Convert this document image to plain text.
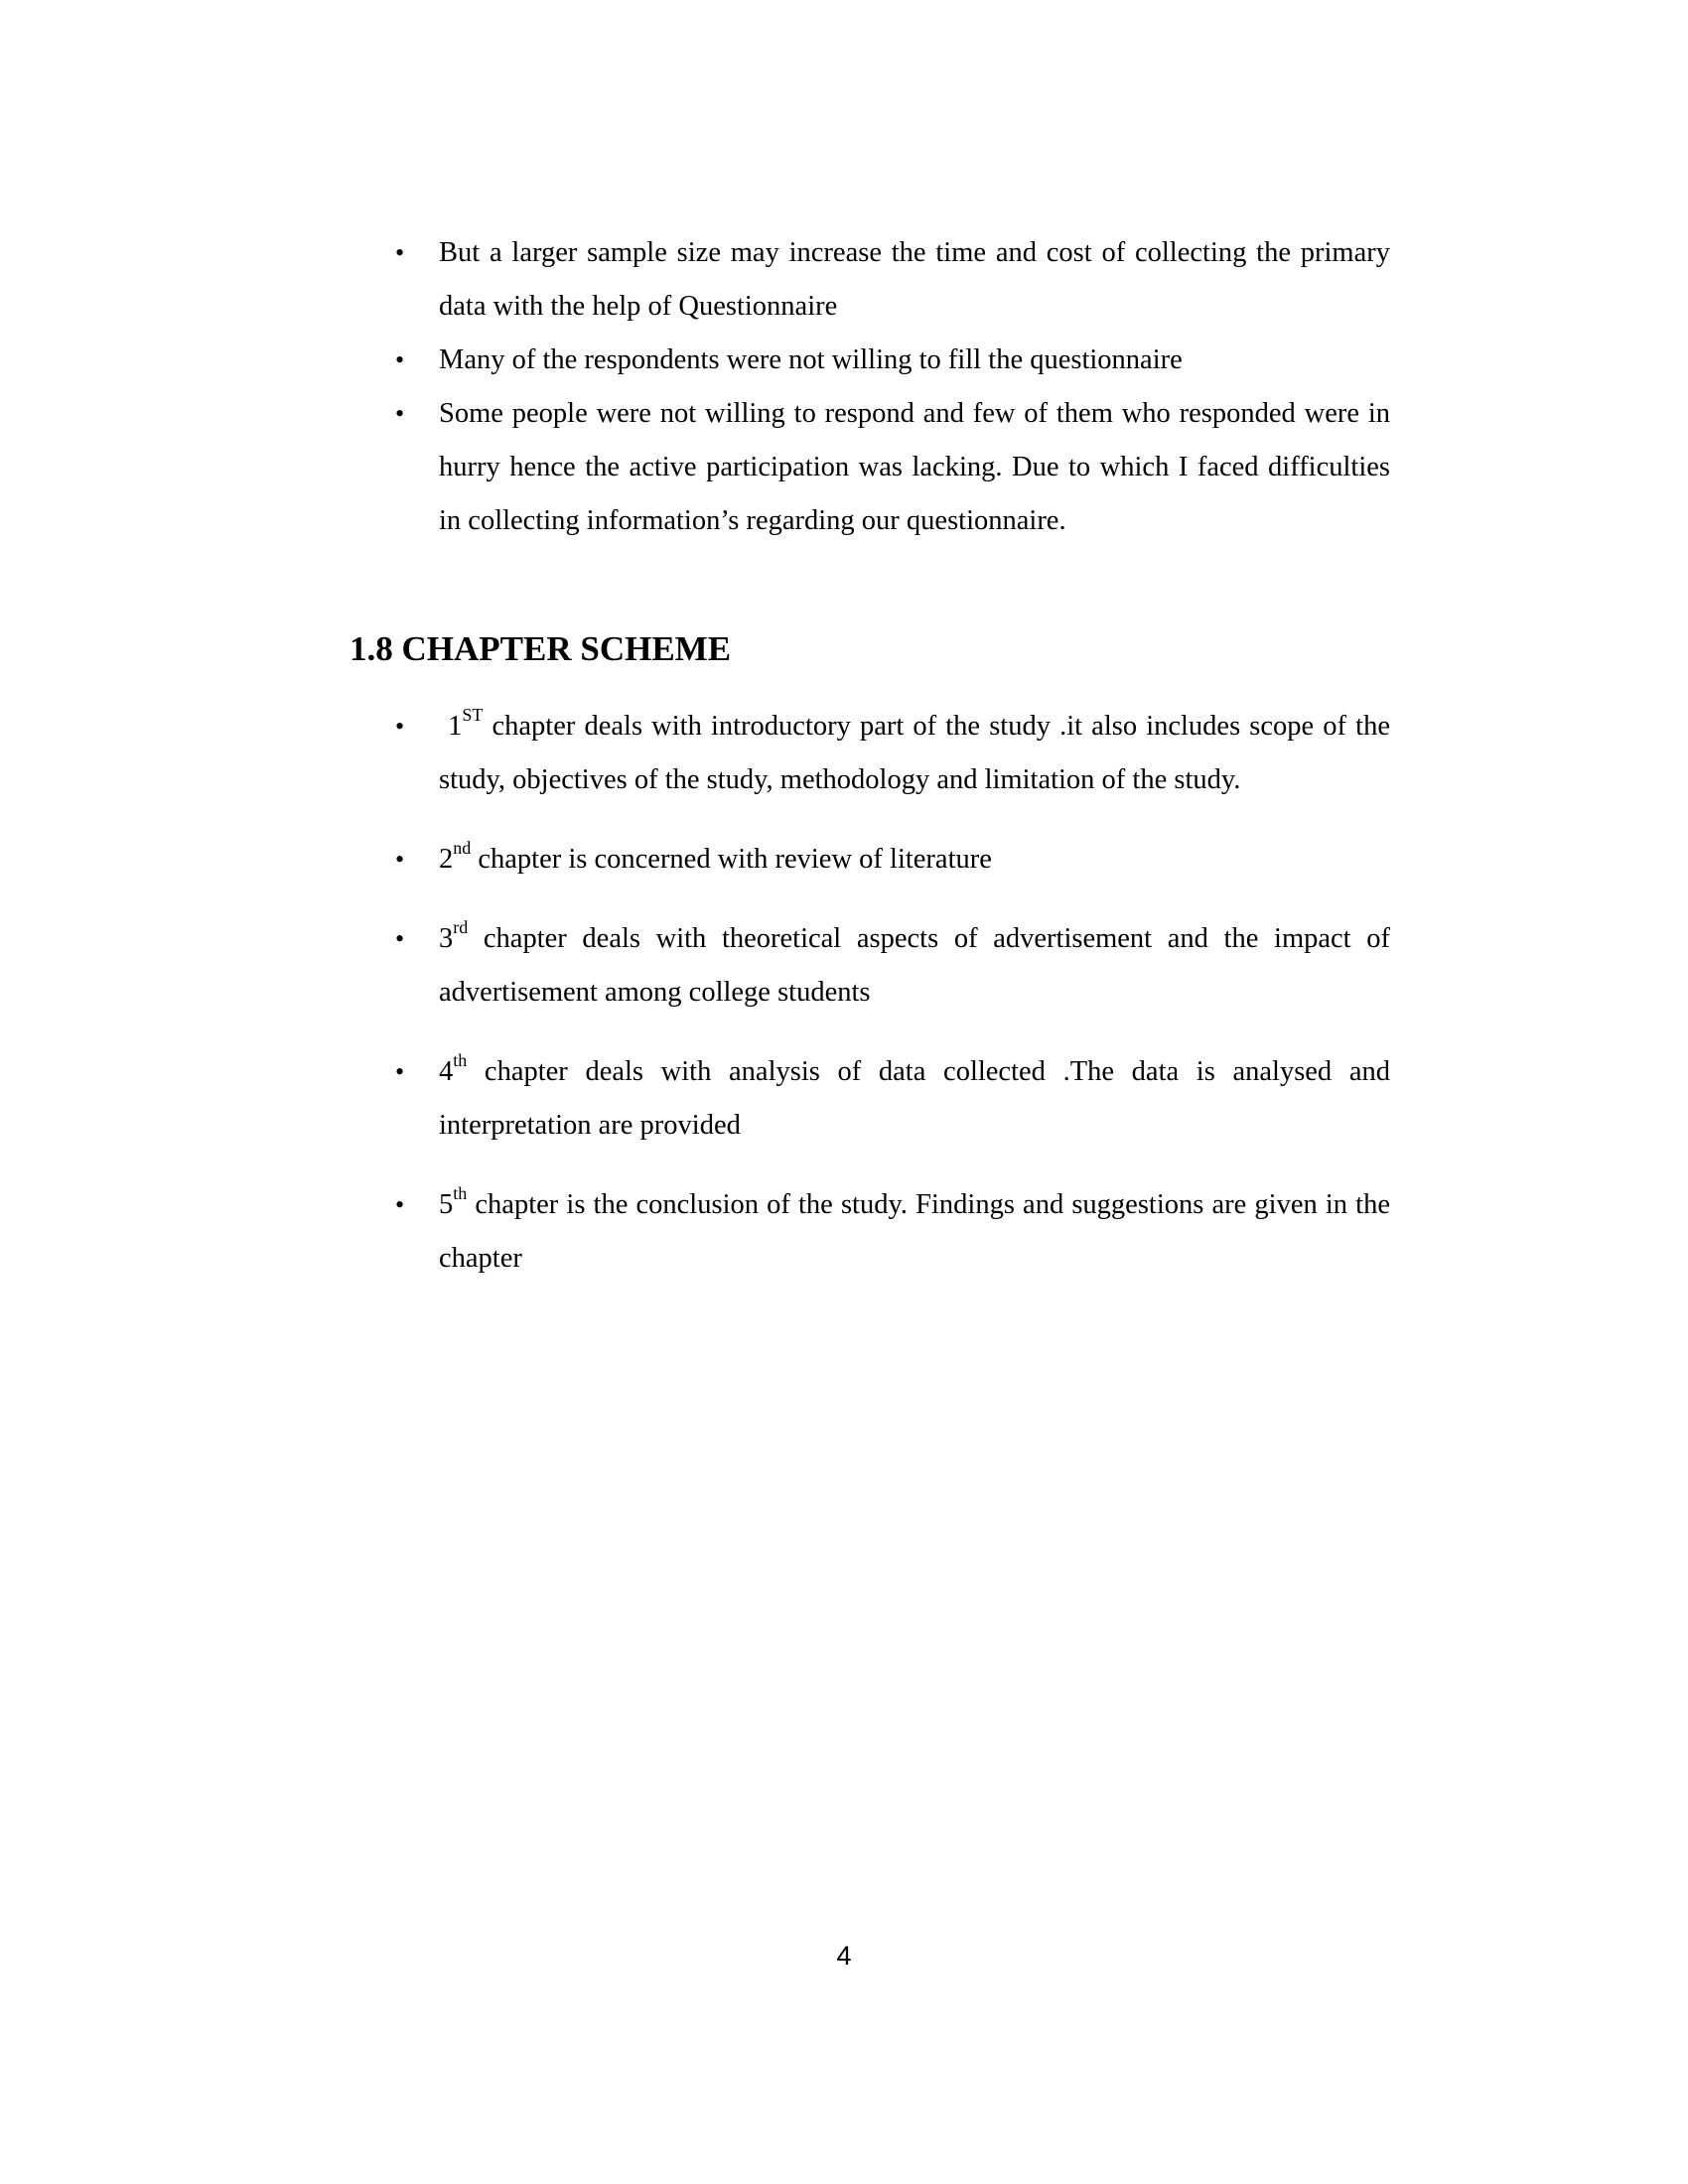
• But a larger sample size may increase the time and cost of collecting the primary data with the help of Questionnaire
• Many of the respondents were not willing to fill the questionnaire
• Some people were not willing to respond and few of them who responded were in hurry hence the active participation was lacking. Due to which I faced difficulties in collecting information’s regarding our questionnaire.
1.8 CHAPTER SCHEME
• 1ST chapter deals with introductory part of the study .it also includes scope of the study, objectives of the study, methodology and limitation of the study.
• 2nd chapter is concerned with review of literature
• 3rd chapter deals with theoretical aspects of advertisement and the impact of advertisement among college students
• 4th chapter deals with analysis of data collected .The data is analysed and interpretation are provided
• 5th chapter is the conclusion of the study. Findings and suggestions are given in the chapter
4
